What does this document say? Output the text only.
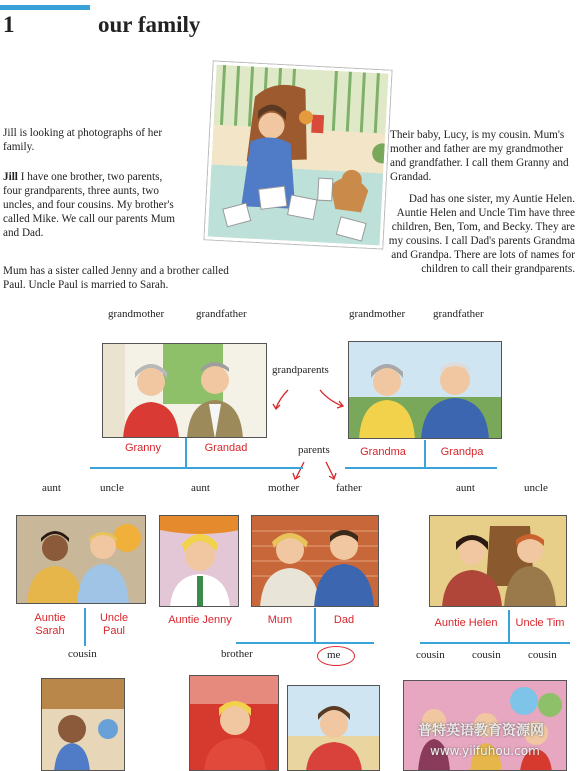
1	our family

Jill is looking at photographs of her family.

Jill I have one brother, two parents, four grandparents, three aunts, two uncles, and four cousins. My brother's called Mike. We call our parents Mum and Dad.

Mum has a sister called Jenny and a brother called Paul. Uncle Paul is married to Sarah.

Their baby, Lucy, is my cousin. Mum's mother and father are my grandmother and grandfather. I call them Granny and Grandad.

Dad has one sister, my Auntie Helen. Auntie Helen and Uncle Tim have three children, Ben, Tom, and Becky. They are my cousins. I call Dad's parents Grandma and Grandpa. There are lots of names for children to call their grandparents.

grandmother	grandfather	grandmother	grandfather
grandparents
Granny	Grandad	Grandma	Grandpa
parents
aunt	uncle	aunt	mother	father	aunt	uncle
Auntie Sarah
Uncle Paul
Auntie Jenny	Mum	Dad	Auntie Helen	Uncle Tim
cousin	brother	me	cousin cousin cousin
普特英语教育资源网
www.yiifuhou.com
